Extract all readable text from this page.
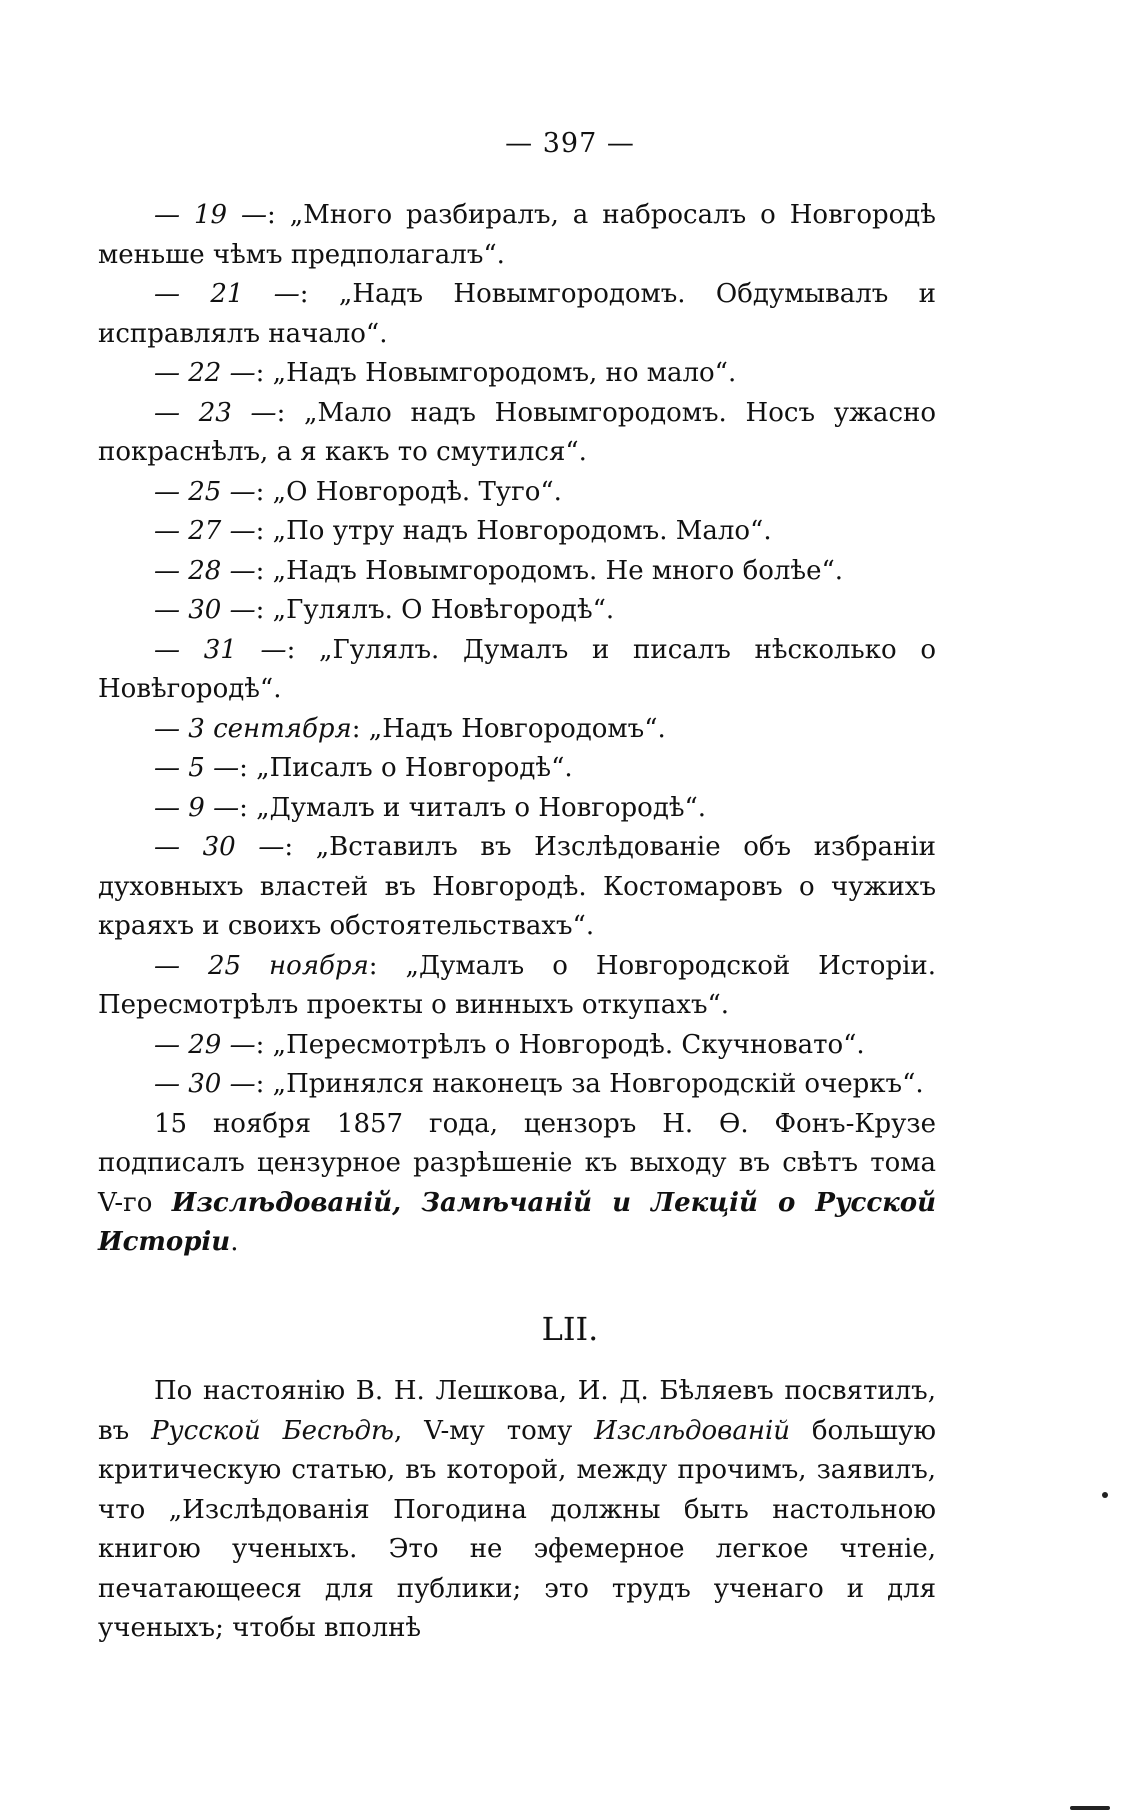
— 397 —

— 19 —: „Много разбиралъ, а набросалъ о Новгородѣ меньше чѣмъ предполагалъ“.

— 21 —: „Надъ Новымгородомъ. Обдумывалъ и исправлялъ начало“.

— 22 —: „Надъ Новымгородомъ, но мало“.

— 23 —: „Мало надъ Новымгородомъ. Носъ ужасно покраснѣлъ, а я какъ то смутился“.

— 25 —: „О Новгородѣ. Туго“.

— 27 —: „По утру надъ Новгородомъ. Мало“.

— 28 —: „Надъ Новымгородомъ. Не много болѣе“.

— 30 —: „Гулялъ. О Новѣгородѣ“.

— 31 —: „Гулялъ. Думалъ и писалъ нѣсколько о Новѣгородѣ“.

— 3 сентября: „Надъ Новгородомъ“.

— 5 —: „Писалъ о Новгородѣ“.

— 9 —: „Думалъ и читалъ о Новгородѣ“.

— 30 —: „Вставилъ въ Изслѣдованіе объ избраніи духовныхъ властей въ Новгородѣ. Костомаровъ о чужихъ краяхъ и своихъ обстоятельствахъ“.

— 25 ноября: „Думалъ о Новгородской Исторіи. Пересмотрѣлъ проекты о винныхъ откупахъ“.

— 29 —: „Пересмотрѣлъ о Новгородѣ. Скучновато“.

— 30 —: „Принялся наконецъ за Новгородскій очеркъ“.

15 ноября 1857 года, цензоръ Н. Ѳ. Фонъ-Крузе подписалъ цензурное разрѣшеніе къ выходу въ свѣтъ тома V-го Изслѣдованій, Замѣчаній и Лекцій о Русской Исторіи.

LII.

По настоянію В. Н. Лешкова, И. Д. Бѣляевъ посвятилъ, въ Русской Бесѣдѣ, V-му тому Изслѣдованій большую критическую статью, въ которой, между прочимъ, заявилъ, что „Изслѣдованія Погодина должны быть настольною книгою ученыхъ. Это не эфемерное легкое чтеніе, печатающееся для публики; это трудъ ученаго и для ученыхъ; чтобы вполнѣ
